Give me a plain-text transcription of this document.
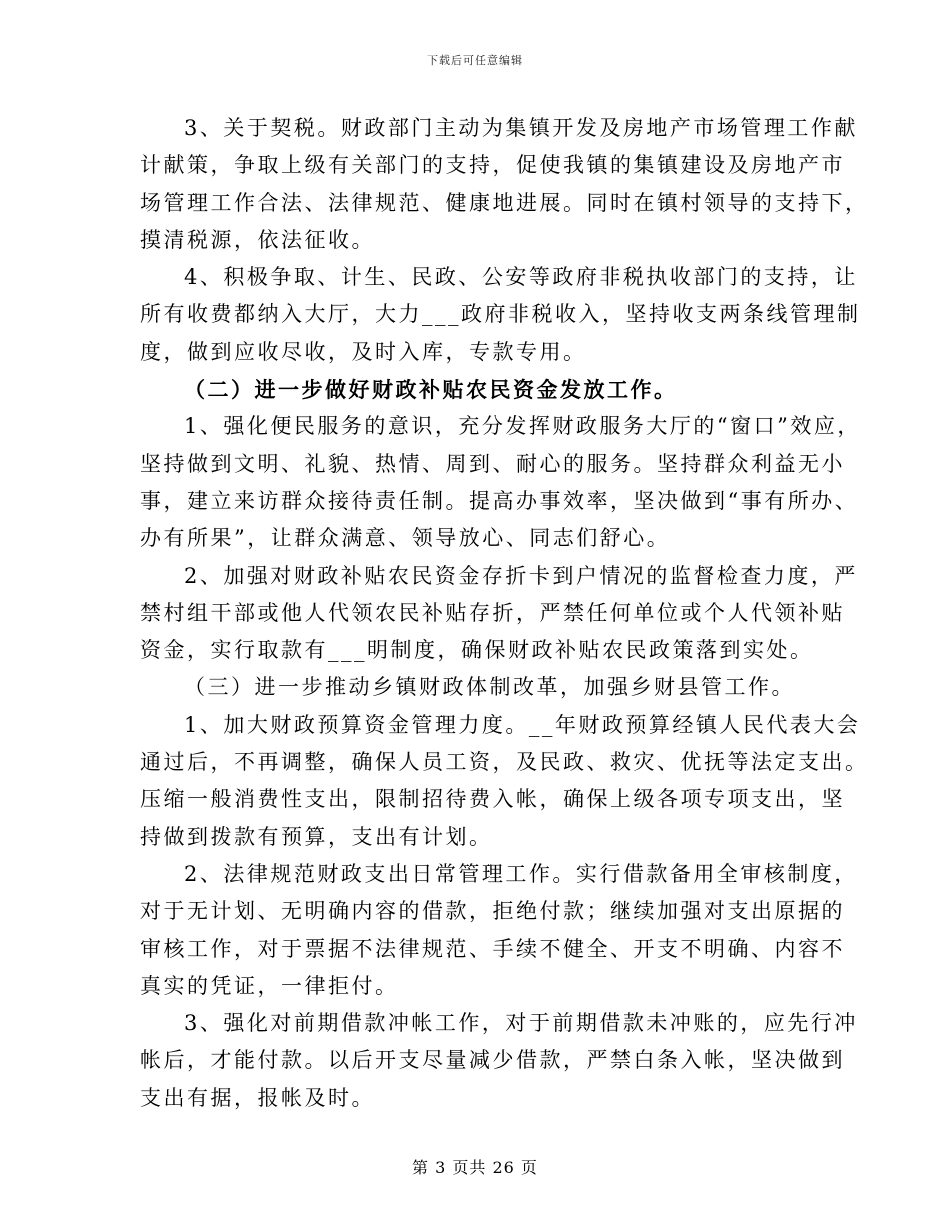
下载后可任意编辑
3、关于契税。财政部门主动为集镇开发及房地产市场管理工作献
计献策，争取上级有关部门的支持，促使我镇的集镇建设及房地产市
场管理工作合法、法律规范、健康地进展。同时在镇村领导的支持下，
摸清税源，依法征收。
4、积极争取、计生、民政、公安等政府非税执收部门的支持，让
所有收费都纳入大厅，大力___政府非税收入，坚持收支两条线管理制
度，做到应收尽收，及时入库，专款专用。
（二）进一步做好财政补贴农民资金发放工作。
1、强化便民服务的意识，充分发挥财政服务大厅的“窗口”效应，
坚持做到文明、礼貌、热情、周到、耐心的服务。坚持群众利益无小
事，建立来访群众接待责任制。提高办事效率，坚决做到“事有所办、
办有所果”，让群众满意、领导放心、同志们舒心。
2、加强对财政补贴农民资金存折卡到户情况的监督检查力度，严
禁村组干部或他人代领农民补贴存折，严禁任何单位或个人代领补贴
资金，实行取款有___明制度，确保财政补贴农民政策落到实处。
（三）进一步推动乡镇财政体制改革，加强乡财县管工作。
1、加大财政预算资金管理力度。__年财政预算经镇人民代表大会
通过后，不再调整，确保人员工资，及民政、救灾、优抚等法定支出。
压缩一般消费性支出，限制招待费入帐，确保上级各项专项支出，坚
持做到拨款有预算，支出有计划。
2、法律规范财政支出日常管理工作。实行借款备用全审核制度，
对于无计划、无明确内容的借款，拒绝付款；继续加强对支出原据的
审核工作，对于票据不法律规范、手续不健全、开支不明确、内容不
真实的凭证，一律拒付。
3、强化对前期借款冲帐工作，对于前期借款未冲账的，应先行冲
帐后，才能付款。以后开支尽量减少借款，严禁白条入帐，坚决做到
支出有据，报帐及时。
第 3 页共 26 页
